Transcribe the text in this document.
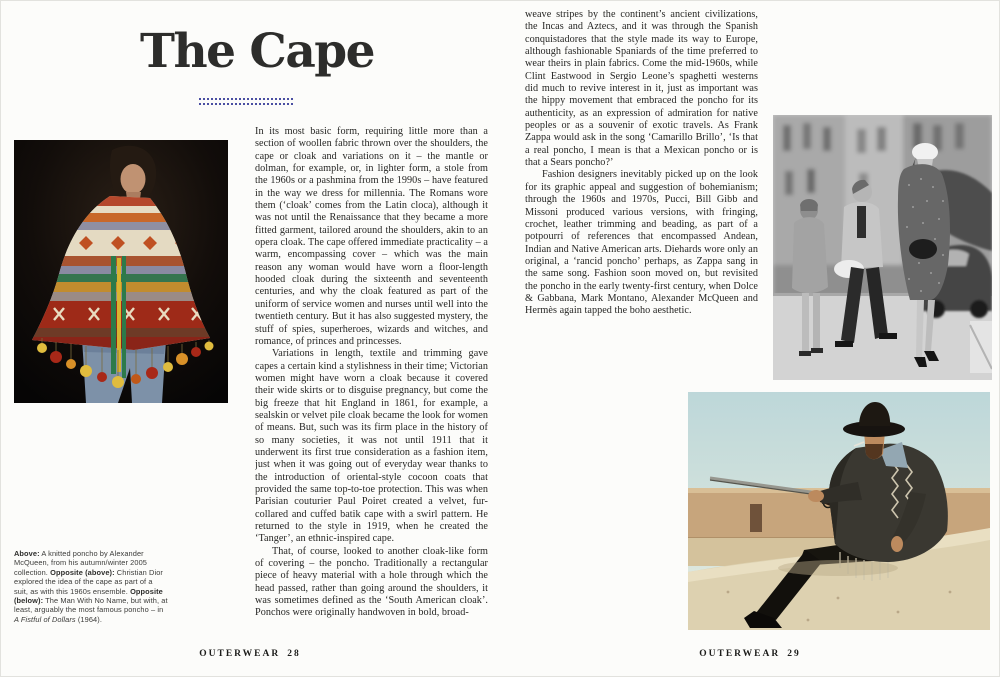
The Cape

Above: A knitted poncho by Alexander McQueen, from his autumn/winter 2005 collection. Opposite (above): Christian Dior explored the idea of the cape as part of a suit, as with this 1960s ensemble. Opposite (below): The Man With No Name, but with, at least, arguably the most famous poncho – in A Fistful of Dollars (1964).

In its most basic form, requiring little more than a section of woollen fabric thrown over the shoulders, the cape or cloak and variations on it – the mantle or dolman, for example, or, in lighter form, a stole from the 1960s or a pashmina from the 1990s – have featured in the way we dress for millennia. The Romans wore them (‘cloak’ comes from the Latin cloca), although it was not until the Renaissance that they became a more fitted garment, tailored around the shoulders, akin to an opera cloak. The cape offered immediate practicality – a warm, encompassing cover – which was the main reason any woman would have worn a floor-length hooded cloak during the sixteenth and seventeenth centuries, and why the cloak featured as part of the uniform of service women and nurses until well into the twentieth century. But it has also suggested mystery, the stuff of spies, superheroes, wizards and witches, and romance, of princes and princesses.

Variations in length, textile and trimming gave capes a certain kind a stylishness in their time; Victorian women might have worn a cloak because it covered their wide skirts or to disguise pregnancy, but come the big freeze that hit England in 1861, for example, a sealskin or velvet pile cloak became the look for women of means. But, such was its firm place in the history of so many societies, it was not until 1911 that it underwent its first true consideration as a fashion item, just when it was going out of everyday wear thanks to the introduction of oriental-style cocoon coats that provided the same top-to-toe protection. This was when Parisian couturier Paul Poiret created a velvet, fur-collared and cuffed batik cape with a swirl pattern. He returned to the style in 1919, when he created the ‘Tanger’, an ethnic-inspired cape.

That, of course, looked to another cloak-like form of covering – the poncho. Traditionally a rectangular piece of heavy material with a hole through which the head passed, rather than going around the shoulders, it was sometimes defined as the ‘South American cloak’. Ponchos were originally handwoven in bold, broad-

OUTERWEAR 28

weave stripes by the continent’s ancient civilizations, the Incas and Aztecs, and it was through the Spanish conquistadores that the style made its way to Europe, although fashionable Spaniards of the time preferred to wear theirs in plain fabrics. Come the mid-1960s, while Clint Eastwood in Sergio Leone’s spaghetti westerns did much to revive interest in it, just as important was the hippy movement that embraced the poncho for its authenticity, as an expression of admiration for native peoples or as a souvenir of exotic travels. As Frank Zappa would ask in the song ‘Camarillo Brillo’, ‘Is that a real poncho, I mean is that a Mexican poncho or is that a Sears poncho?’

Fashion designers inevitably picked up on the look for its graphic appeal and suggestion of bohemianism; through the 1960s and 1970s, Pucci, Bill Gibb and Missoni produced various versions, with fringing, crochet, leather trimming and beading, as part of a potpourri of references that encompassed Andean, Indian and Native American arts. Diehards wore only an original, a ‘rancid poncho’ perhaps, as Zappa sang in the same song. Fashion soon moved on, but revisited the poncho in the early twenty-first century, when Dolce & Gabbana, Mark Montano, Alexander McQueen and Hermès again tapped the boho aesthetic.

OUTERWEAR 29
